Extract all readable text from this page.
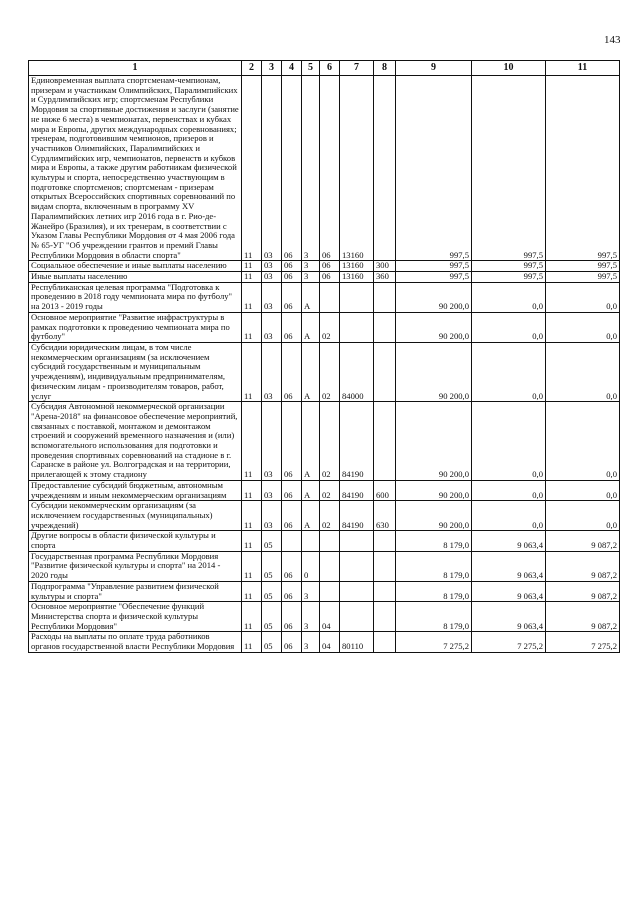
143
1	2	3	4	5	6	7	8	9	10	11
Единовременная выплата спортсменам-чемпионам, призерам и участникам Олимпийских, Паралимпийских и Сурдлимпийских игр; спортсменам Республики Мордовия за спортивные достижения и заслуги (занятие не ниже 6 места) в чемпионатах, первенствах и кубках мира и Европы, других международных соревнованиях; тренерам, подготовившим чемпионов, призеров и участников Олимпийских, Паралимпийских и Сурдлимпийских игр, чемпионатов, первенств и кубков мира и Европы, а также другим работникам физической культуры и спорта, непосредственно участвующим в подготовке спортсменов; спортсменам - призерам открытых Всероссийских спортивных соревнований по видам спорта, включенным в программу XV Паралимпийских летних игр 2016 года в г. Рио-де-Жанейро (Бразилия), и их тренерам, в соответствии с Указом Главы Республики Мордовия от 4 мая 2006 года № 65-УГ "Об учреждении грантов и премий Главы Республики Мордовия в области спорта"	11	03	06	3	06	13160		997,5	997,5	997,5
Социальное обеспечение и иные выплаты населению	11	03	06	3	06	13160	300	997,5	997,5	997,5
Иные выплаты населению	11	03	06	3	06	13160	360	997,5	997,5	997,5
Республиканская целевая программа "Подготовка к проведению в 2018 году чемпионата мира по футболу" на 2013 - 2019 годы	11	03	06	А				90 200,0	0,0	0,0
Основное мероприятие "Развитие инфраструктуры в рамках подготовки к проведению чемпионата мира по футболу"	11	03	06	А	02			90 200,0	0,0	0,0
Субсидии юридическим лицам, в том числе некоммерческим организациям (за исключением субсидий государственным и муниципальным учреждениям), индивидуальным предпринимателям, физическим лицам - производителям товаров, работ, услуг	11	03	06	А	02	84000		90 200,0	0,0	0,0
Субсидия Автономной некоммерческой организации "Арена-2018" на финансовое обеспечение мероприятий, связанных с поставкой, монтажом и демонтажом строений и сооружений временного назначения и (или) вспомогательного использования для подготовки и проведения спортивных соревнований на стадионе в г. Саранске в районе ул. Волгоградская и на территории, прилегающей к этому стадиону	11	03	06	А	02	84190		90 200,0	0,0	0,0
Предоставление субсидий бюджетным, автономным учреждениям и иным некоммерческим организациям	11	03	06	А	02	84190	600	90 200,0	0,0	0,0
Субсидии некоммерческим организациям (за исключением государственных (муниципальных) учреждений)	11	03	06	А	02	84190	630	90 200,0	0,0	0,0
Другие вопросы в области физической культуры и спорта	11	05						8 179,0	9 063,4	9 087,2
Государственная программа Республики Мордовия "Развитие физической культуры и спорта" на 2014 - 2020 годы	11	05	06	0				8 179,0	9 063,4	9 087,2
Подпрограмма "Управление развитием физической культуры и спорта"	11	05	06	3				8 179,0	9 063,4	9 087,2
Основное мероприятие "Обеспечение функций Министерства спорта и физической культуры Республики Мордовия"	11	05	06	3	04			8 179,0	9 063,4	9 087,2
Расходы на выплаты по оплате труда работников органов государственной власти Республики Мордовия	11	05	06	3	04	80110		7 275,2	7 275,2	7 275,2
